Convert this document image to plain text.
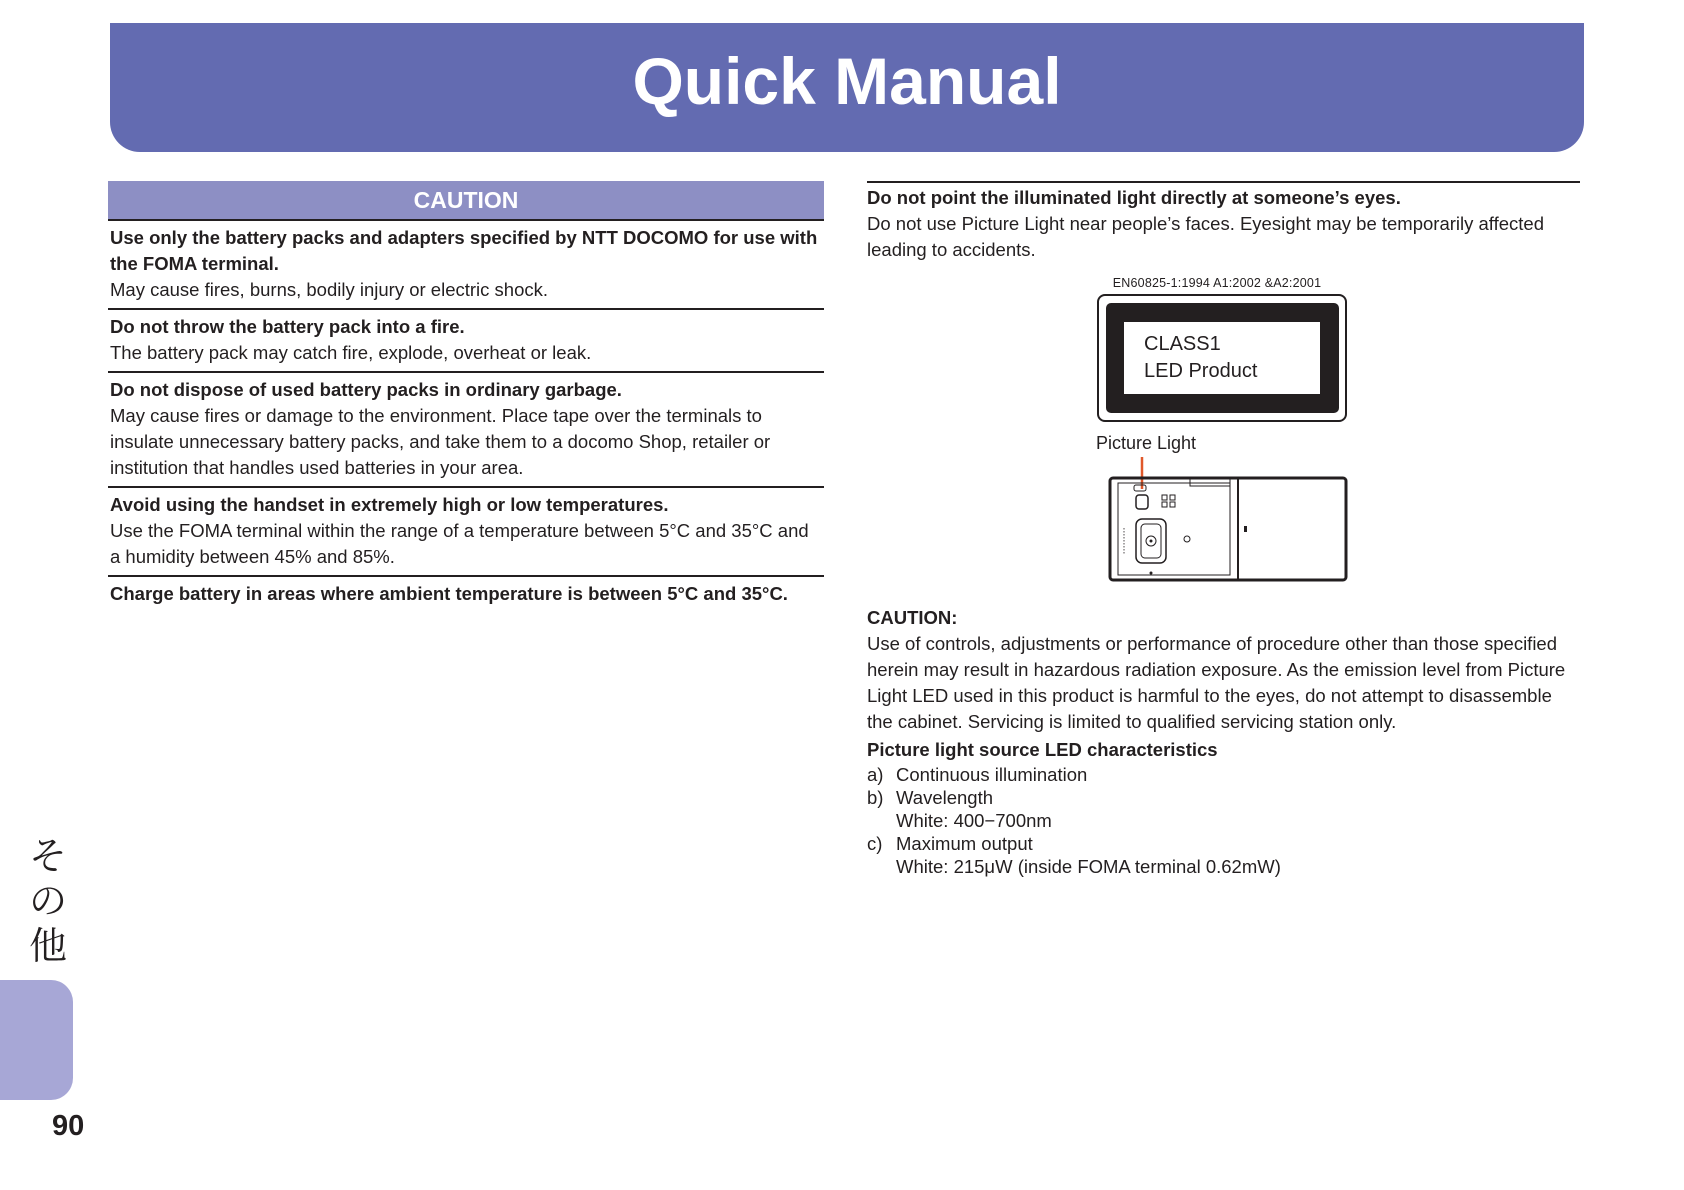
Quick Manual
CAUTION
Use only the battery packs and adapters specified by NTT DOCOMO for use with the FOMA terminal.
May cause fires, burns, bodily injury or electric shock.
Do not throw the battery pack into a fire.
The battery pack may catch fire, explode, overheat or leak.
Do not dispose of used battery packs in ordinary garbage.
May cause fires or damage to the environment. Place tape over the terminals to insulate unnecessary battery packs, and take them to a docomo Shop, retailer or institution that handles used batteries in your area.
Avoid using the handset in extremely high or low temperatures.
Use the FOMA terminal within the range of a temperature between 5°C and 35°C and a humidity between 45% and 85%.
Charge battery in areas where ambient temperature is between 5°C and 35°C.
Do not point the illuminated light directly at someone’s eyes.
Do not use Picture Light near people’s faces. Eyesight may be temporarily affected leading to accidents.
EN60825-1:1994 A1:2002 &A2:2001
CLASS1
LED Product
Picture Light
CAUTION:
Use of controls, adjustments or performance of procedure other than those specified herein may result in hazardous radiation exposure. As the emission level from Picture Light LED used in this product is harmful to the eyes, do not attempt to disassemble the cabinet. Servicing is limited to qualified servicing station only.
Picture light source LED characteristics
a) Continuous illumination
b) Wavelength
White: 400−700nm
c) Maximum output
White: 215μW (inside FOMA terminal 0.62mW)
そ
の
他
90
